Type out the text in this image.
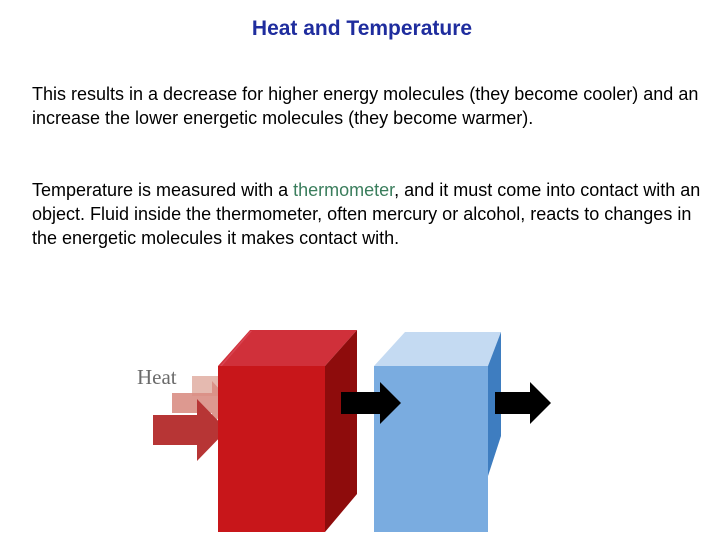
Heat and Temperature

This results in a decrease for higher energy molecules (they become cooler) and an increase the lower energetic molecules (they become warmer).

Temperature is measured with a thermometer, and it must come into contact with an object. Fluid inside the thermometer, often mercury or alcohol, reacts to changes in the energetic molecules it makes contact with.

Heat
